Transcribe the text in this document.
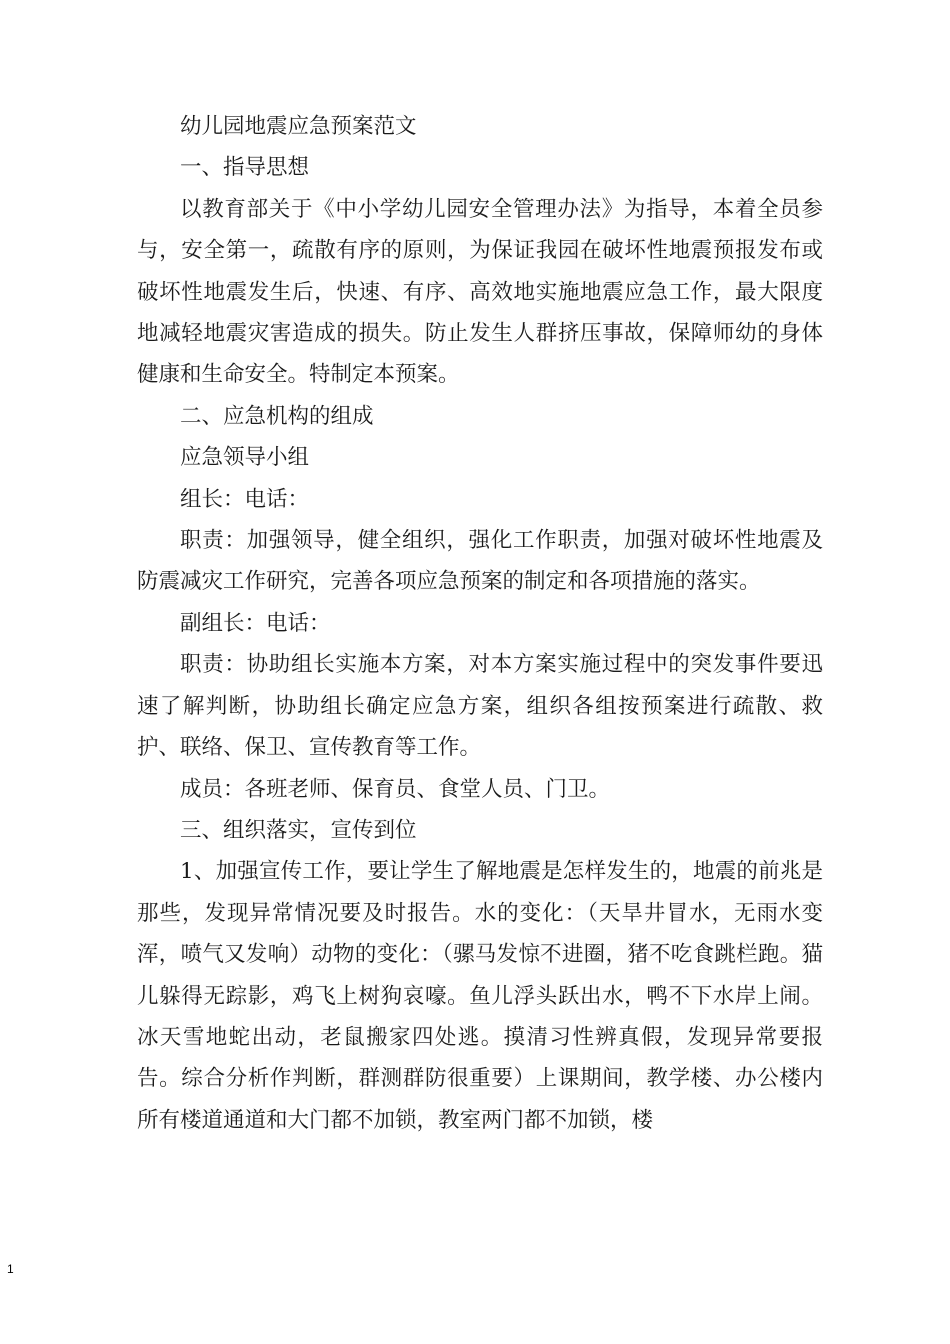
幼儿园地震应急预案范文

一、指导思想

以教育部关于《中小学幼儿园安全管理办法》为指导，本着全员参与，安全第一，疏散有序的原则，为保证我园在破坏性地震预报发布或破坏性地震发生后，快速、有序、高效地实施地震应急工作，最大限度地减轻地震灾害造成的损失。防止发生人群挤压事故，保障师幼的身体健康和生命安全。特制定本预案。

二、应急机构的组成

应急领导小组

组长：电话：

职责：加强领导，健全组织，强化工作职责，加强对破坏性地震及防震减灾工作研究，完善各项应急预案的制定和各项措施的落实。

副组长：电话：

职责：协助组长实施本方案，对本方案实施过程中的突发事件要迅速了解判断，协助组长确定应急方案，组织各组按预案进行疏散、救护、联络、保卫、宣传教育等工作。

成员：各班老师、保育员、食堂人员、门卫。

三、组织落实，宣传到位

1、加强宣传工作，要让学生了解地震是怎样发生的，地震的前兆是那些，发现异常情况要及时报告。水的变化：（天旱井冒水，无雨水变浑，喷气又发响）动物的变化：（骡马发惊不进圈，猪不吃食跳栏跑。猫儿躲得无踪影，鸡飞上树狗哀嚎。鱼儿浮头跃出水，鸭不下水岸上闹。冰天雪地蛇出动，老鼠搬家四处逃。摸清习性辨真假，发现异常要报告。综合分析作判断，群测群防很重要）上课期间，教学楼、办公楼内所有楼道通道和大门都不加锁，教室两门都不加锁，楼

1
